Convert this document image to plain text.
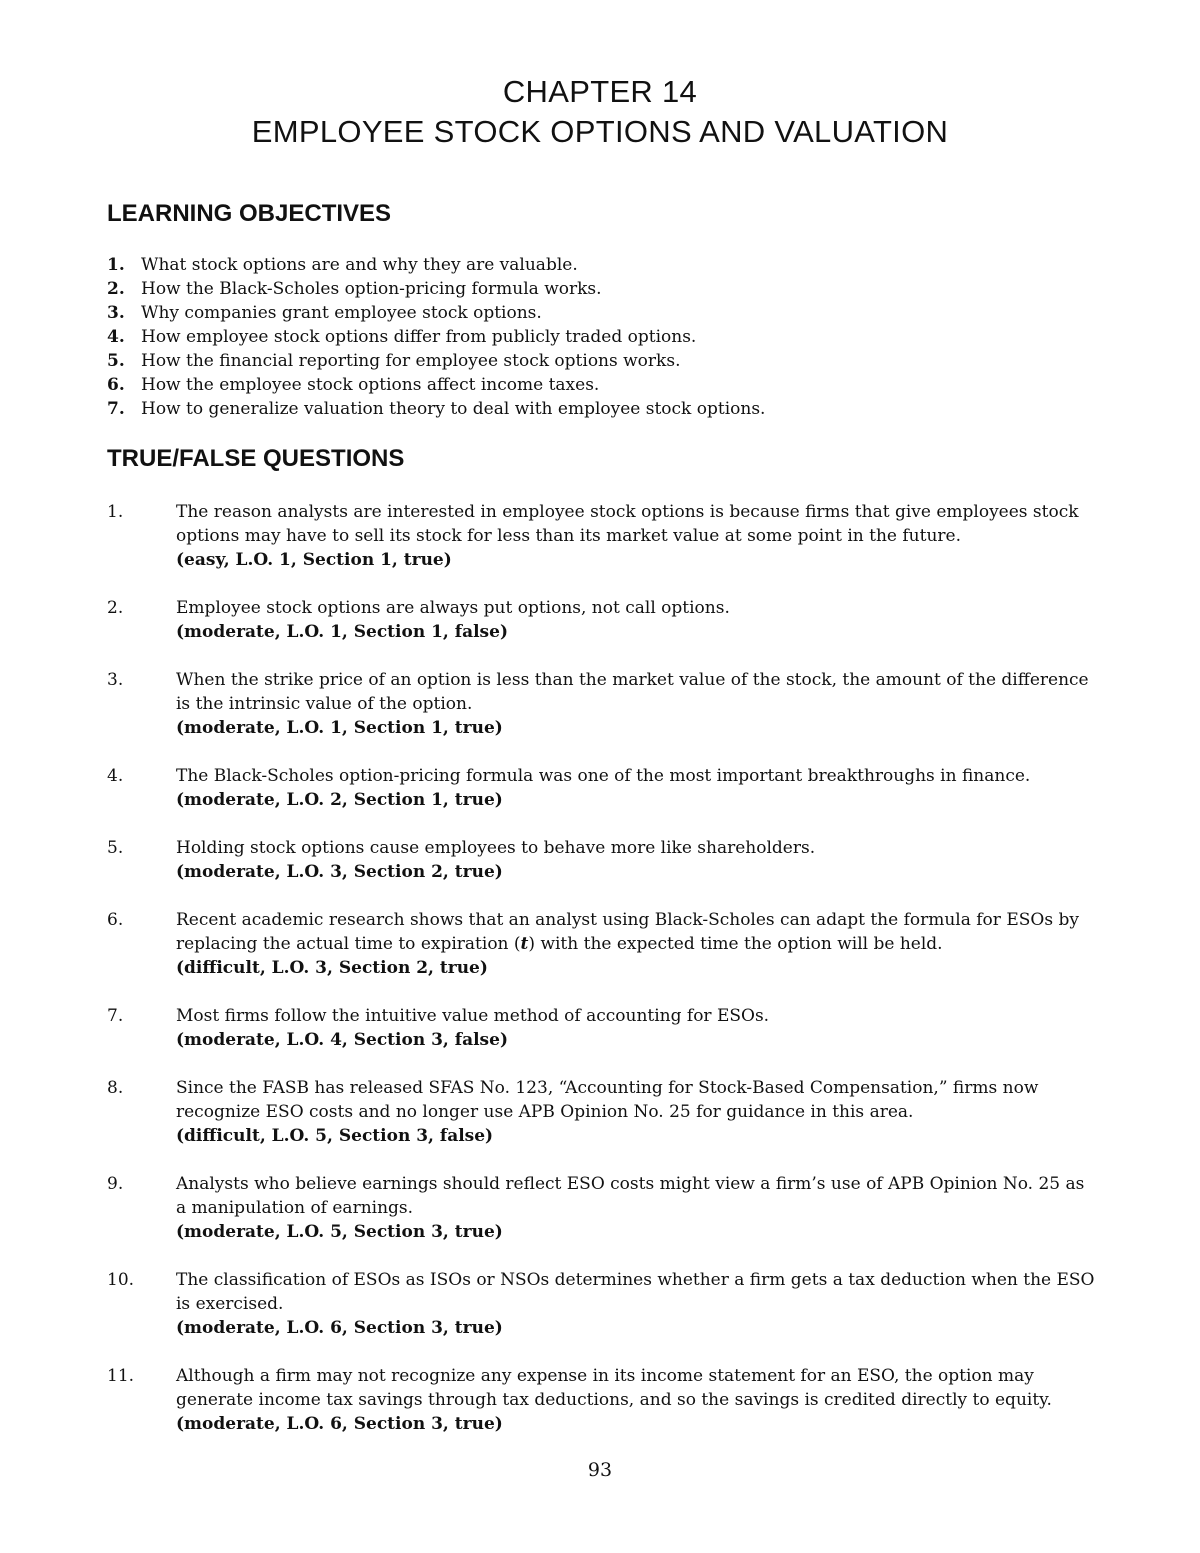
CHAPTER 14
EMPLOYEE STOCK OPTIONS AND VALUATION
LEARNING OBJECTIVES
1. What stock options are and why they are valuable.
2. How the Black-Scholes option-pricing formula works.
3. Why companies grant employee stock options.
4. How employee stock options differ from publicly traded options.
5. How the financial reporting for employee stock options works.
6. How the employee stock options affect income taxes.
7. How to generalize valuation theory to deal with employee stock options.
TRUE/FALSE QUESTIONS
1.	The reason analysts are interested in employee stock options is because firms that give employees stock options may have to sell its stock for less than its market value at some point in the future.
(easy, L.O. 1, Section 1, true)
2.	Employee stock options are always put options, not call options.
(moderate, L.O. 1, Section 1, false)
3.	When the strike price of an option is less than the market value of the stock, the amount of the difference is the intrinsic value of the option.
(moderate, L.O. 1, Section 1, true)
4.	The Black-Scholes option-pricing formula was one of the most important breakthroughs in finance.
(moderate, L.O. 2, Section 1, true)
5.	Holding stock options cause employees to behave more like shareholders.
(moderate, L.O. 3, Section 2, true)
6.	Recent academic research shows that an analyst using Black-Scholes can adapt the formula for ESOs by replacing the actual time to expiration (t) with the expected time the option will be held.
(difficult, L.O. 3, Section 2, true)
7.	Most firms follow the intuitive value method of accounting for ESOs.
(moderate, L.O. 4, Section 3, false)
8.	Since the FASB has released SFAS No. 123, “Accounting for Stock-Based Compensation,” firms now recognize ESO costs and no longer use APB Opinion No. 25 for guidance in this area.
(difficult, L.O. 5, Section 3, false)
9.	Analysts who believe earnings should reflect ESO costs might view a firm’s use of APB Opinion No. 25 as a manipulation of earnings.
(moderate, L.O. 5, Section 3, true)
10.	The classification of ESOs as ISOs or NSOs determines whether a firm gets a tax deduction when the ESO is exercised.
(moderate, L.O. 6, Section 3, true)
11.	Although a firm may not recognize any expense in its income statement for an ESO, the option may generate income tax savings through tax deductions, and so the savings is credited directly to equity.
(moderate, L.O. 6, Section 3, true)
93
